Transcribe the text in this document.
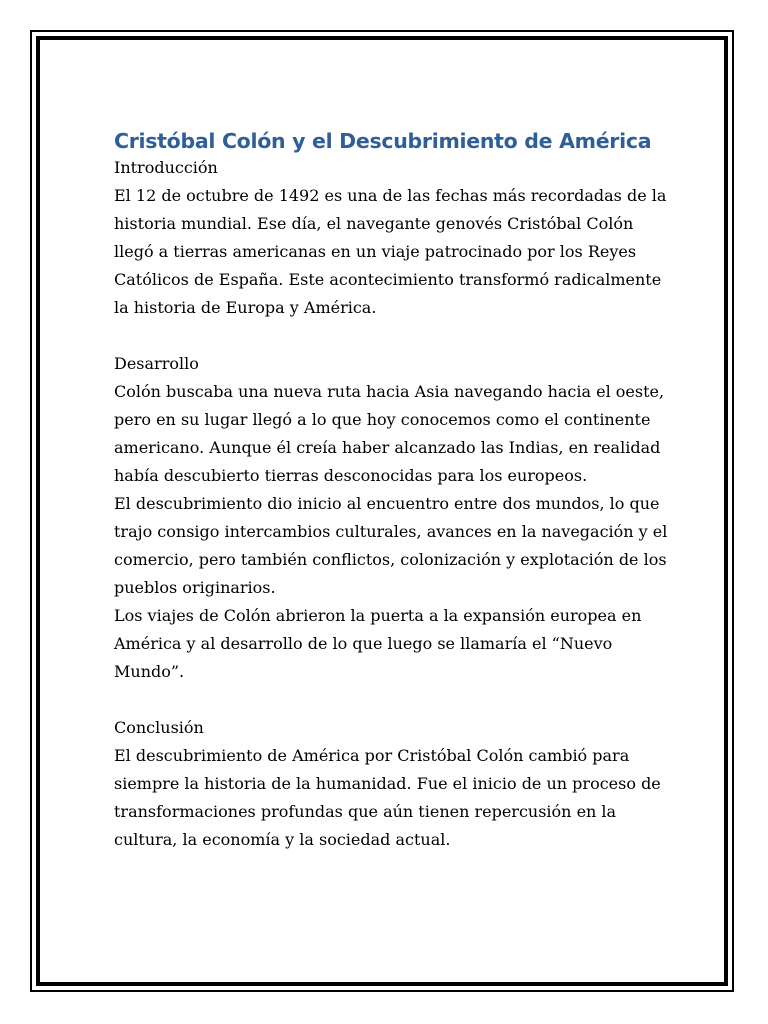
Cristóbal Colón y el Descubrimiento de América

Introducción

El 12 de octubre de 1492 es una de las fechas más recordadas de la historia mundial. Ese día, el navegante genovés Cristóbal Colón llegó a tierras americanas en un viaje patrocinado por los Reyes Católicos de España. Este acontecimiento transformó radicalmente la historia de Europa y América.

Desarrollo

Colón buscaba una nueva ruta hacia Asia navegando hacia el oeste, pero en su lugar llegó a lo que hoy conocemos como el continente americano. Aunque él creía haber alcanzado las Indias, en realidad había descubierto tierras desconocidas para los europeos.

El descubrimiento dio inicio al encuentro entre dos mundos, lo que trajo consigo intercambios culturales, avances en la navegación y el comercio, pero también conflictos, colonización y explotación de los pueblos originarios.

Los viajes de Colón abrieron la puerta a la expansión europea en América y al desarrollo de lo que luego se llamaría el “Nuevo Mundo”.

Conclusión

El descubrimiento de América por Cristóbal Colón cambió para siempre la historia de la humanidad. Fue el inicio de un proceso de transformaciones profundas que aún tienen repercusión en la cultura, la economía y la sociedad actual.
